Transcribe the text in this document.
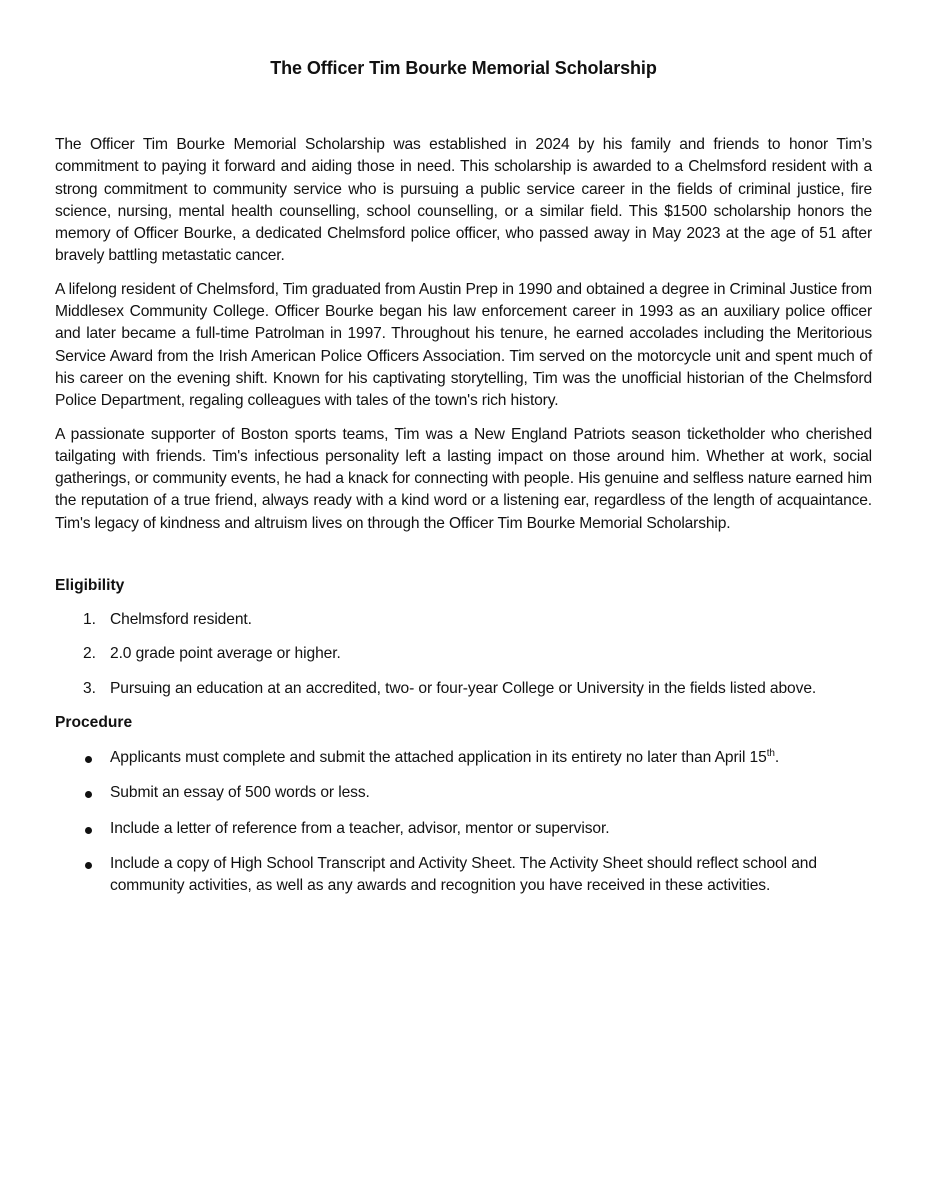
The Officer Tim Bourke Memorial Scholarship

The Officer Tim Bourke Memorial Scholarship was established in 2024 by his family and friends to honor Tim’s commitment to paying it forward and aiding those in need. This scholarship is awarded to a Chelmsford resident with a strong commitment to community service who is pursuing a public service career in the fields of criminal justice, fire science, nursing, mental health counselling, school counselling, or a similar field. This $1500 scholarship honors the memory of Officer Bourke, a dedicated Chelmsford police officer, who passed away in May 2023 at the age of 51 after bravely battling metastatic cancer.

A lifelong resident of Chelmsford, Tim graduated from Austin Prep in 1990 and obtained a degree in Criminal Justice from Middlesex Community College. Officer Bourke began his law enforcement career in 1993 as an auxiliary police officer and later became a full-time Patrolman in 1997. Throughout his tenure, he earned accolades including the Meritorious Service Award from the Irish American Police Officers Association. Tim served on the motorcycle unit and spent much of his career on the evening shift. Known for his captivating storytelling, Tim was the unofficial historian of the Chelmsford Police Department, regaling colleagues with tales of the town's rich history.

A passionate supporter of Boston sports teams, Tim was a New England Patriots season ticketholder who cherished tailgating with friends. Tim's infectious personality left a lasting impact on those around him. Whether at work, social gatherings, or community events, he had a knack for connecting with people. His genuine and selfless nature earned him the reputation of a true friend, always ready with a kind word or a listening ear, regardless of the length of acquaintance. Tim's legacy of kindness and altruism lives on through the Officer Tim Bourke Memorial Scholarship.

Eligibility
1. Chelmsford resident.
2. 2.0 grade point average or higher.
3. Pursuing an education at an accredited, two- or four-year College or University in the fields listed above.
Procedure
Applicants must complete and submit the attached application in its entirety no later than April 15th.
Submit an essay of 500 words or less.
Include a letter of reference from a teacher, advisor, mentor or supervisor.
Include a copy of High School Transcript and Activity Sheet. The Activity Sheet should reflect school and community activities, as well as any awards and recognition you have received in these activities.
